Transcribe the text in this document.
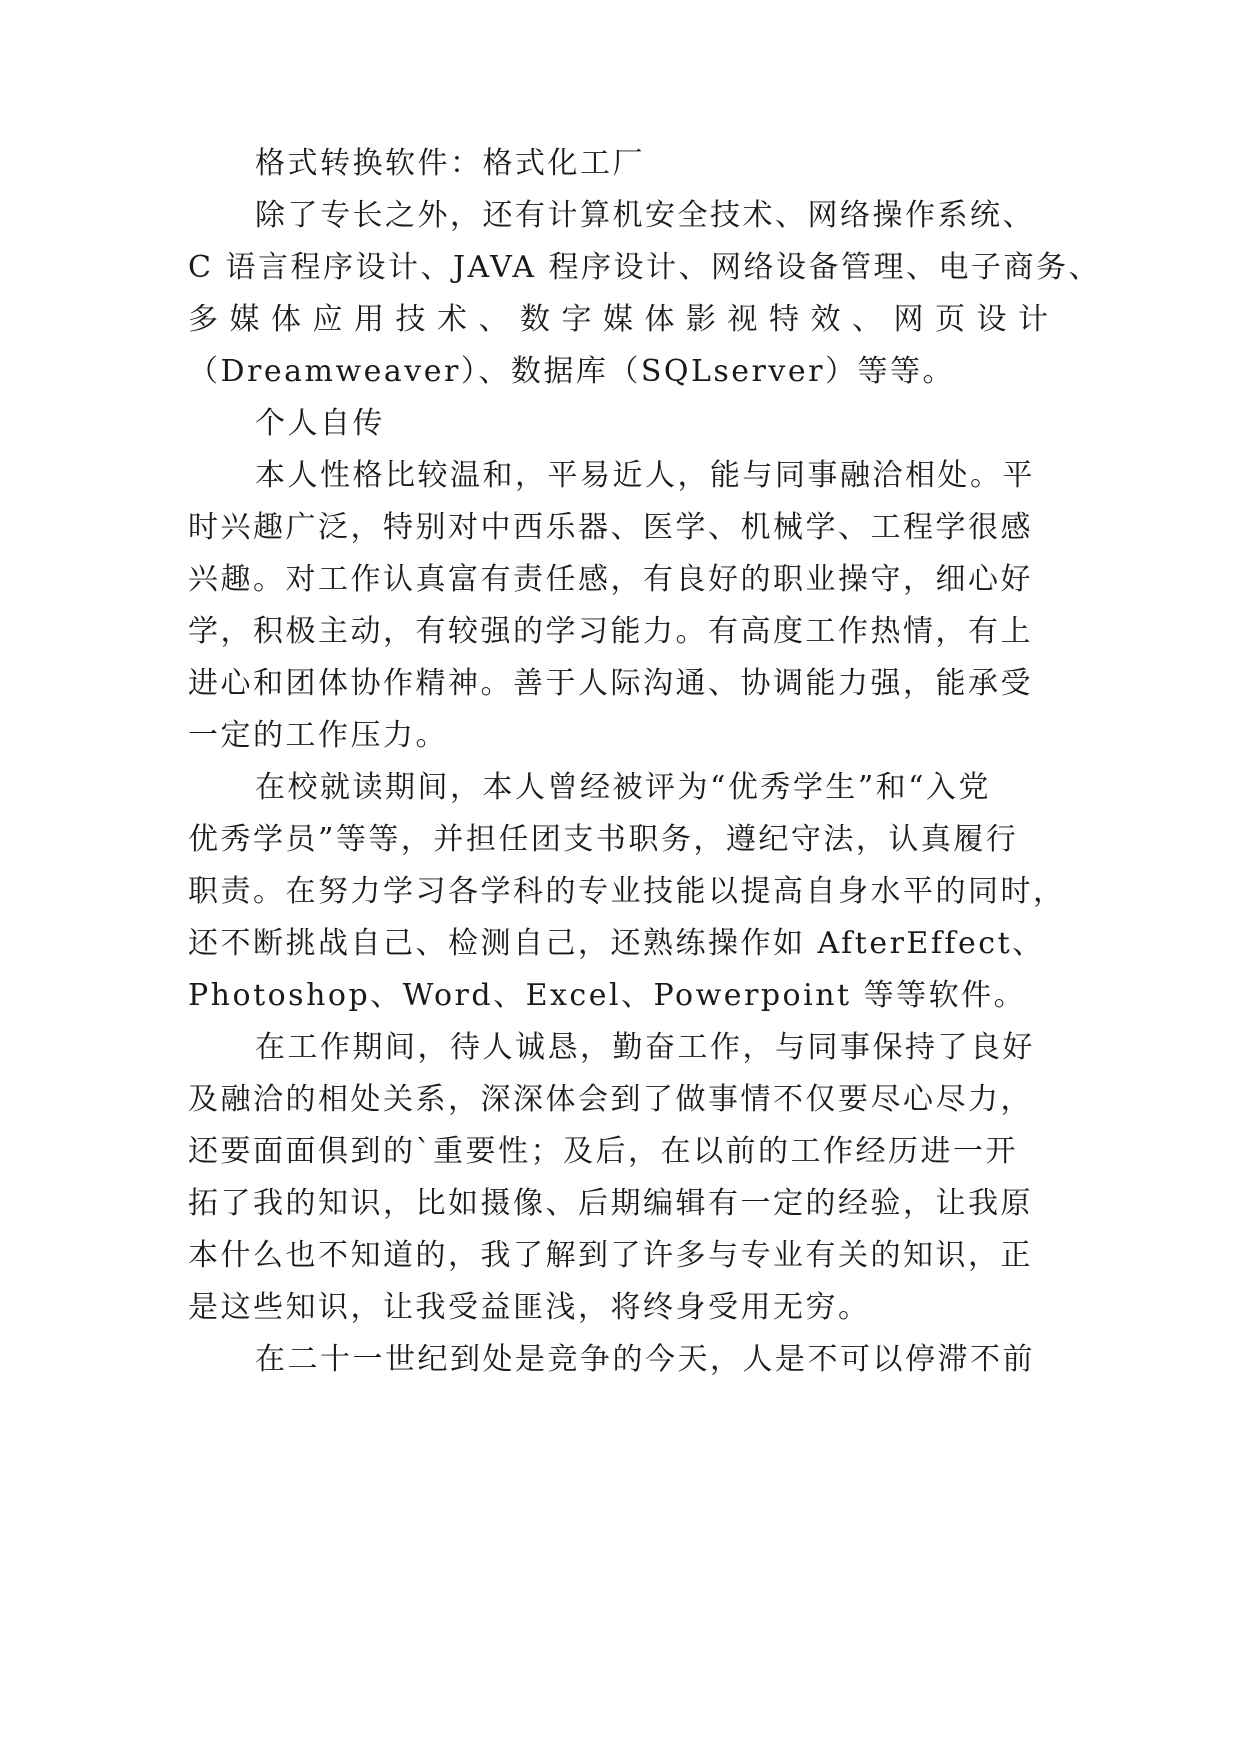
格式转换软件：格式化工厂
除了专长之外，还有计算机安全技术、网络操作系统、
C 语言程序设计、JAVA 程序设计、网络设备管理、电子商务、
多媒体应用技术、数字媒体影视特效、网页设计
（Dreamweaver）、数据库（SQLserver）等等。
个人自传
本人性格比较温和，平易近人，能与同事融洽相处。平
时兴趣广泛，特别对中西乐器、医学、机械学、工程学很感
兴趣。对工作认真富有责任感，有良好的职业操守，细心好
学，积极主动，有较强的学习能力。有高度工作热情，有上
进心和团体协作精神。善于人际沟通、协调能力强，能承受
一定的工作压力。
在校就读期间，本人曾经被评为“优秀学生”和“入党
优秀学员”等等，并担任团支书职务，遵纪守法，认真履行
职责。在努力学习各学科的专业技能以提高自身水平的同时，
还不断挑战自己、检测自己，还熟练操作如 AfterEffect、
Photoshop、Word、Excel、Powerpoint 等等软件。
在工作期间，待人诚恳，勤奋工作，与同事保持了良好
及融洽的相处关系，深深体会到了做事情不仅要尽心尽力，
还要面面俱到的`重要性；及后，在以前的工作经历进一开
拓了我的知识，比如摄像、后期编辑有一定的经验，让我原
本什么也不知道的，我了解到了许多与专业有关的知识，正
是这些知识，让我受益匪浅，将终身受用无穷。
在二十一世纪到处是竞争的今天，人是不可以停滞不前
